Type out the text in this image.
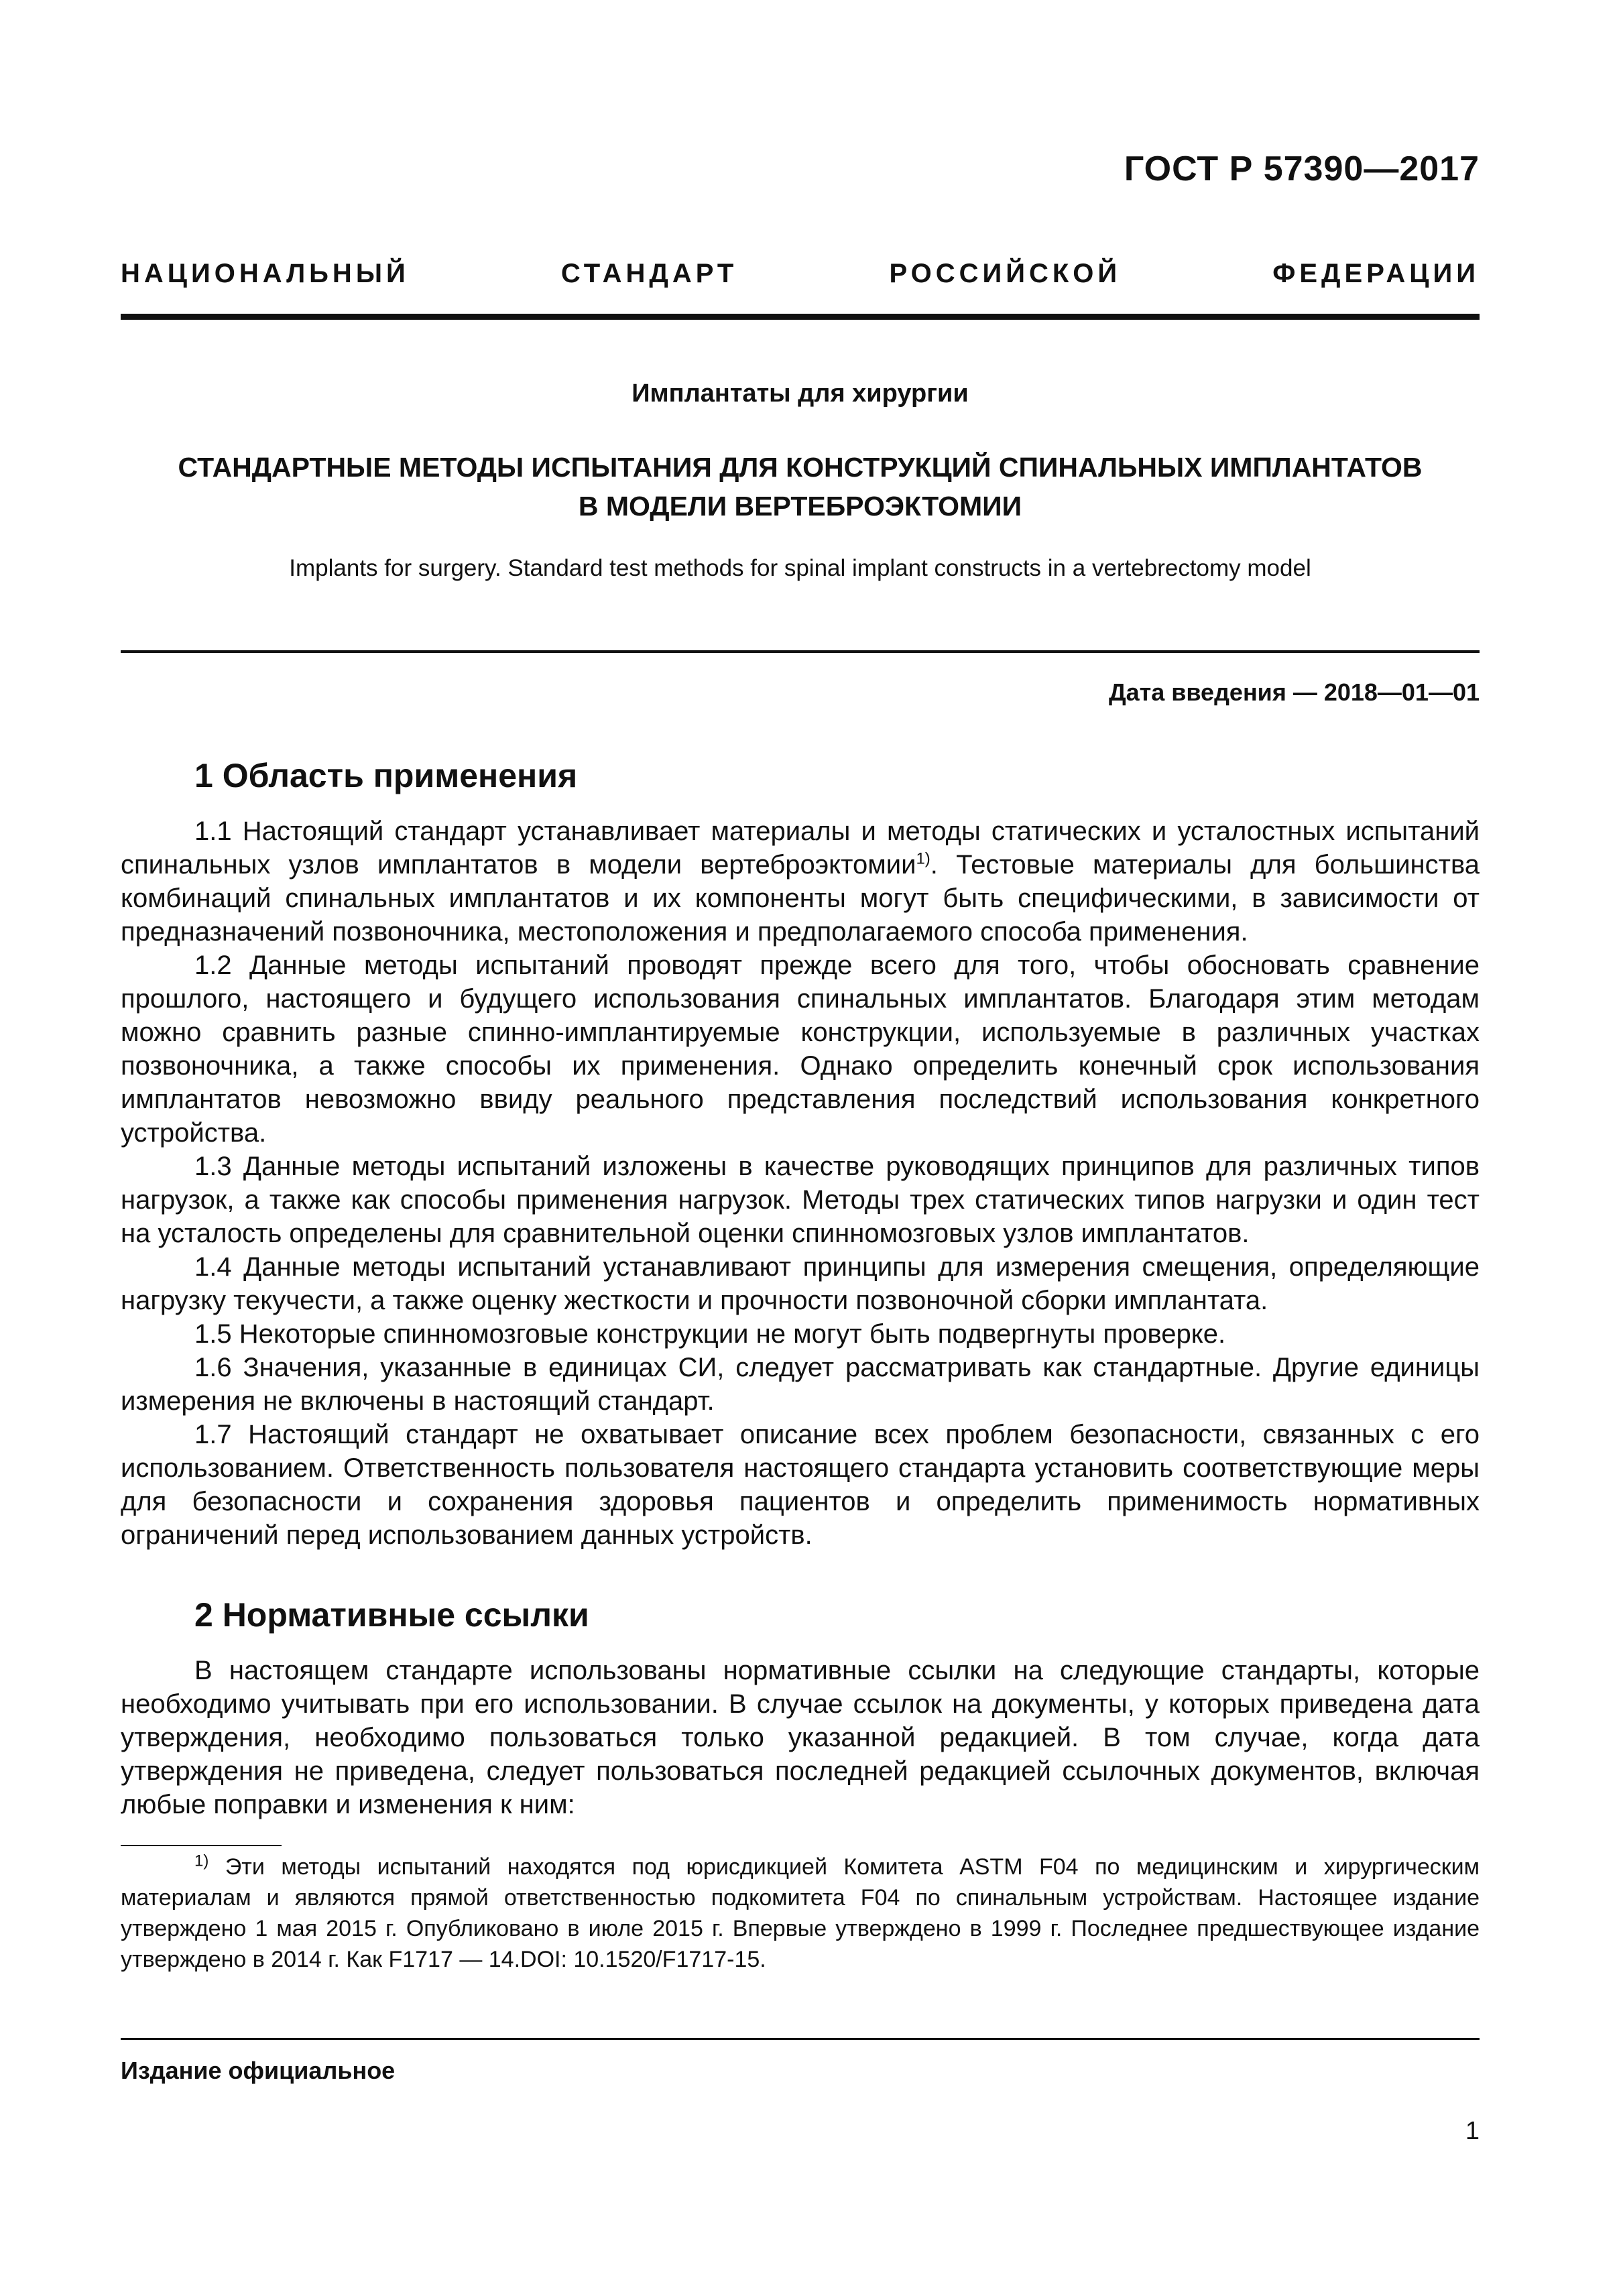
ГОСТ Р 57390—2017
НАЦИОНАЛЬНЫЙ СТАНДАРТ РОССИЙСКОЙ ФЕДЕРАЦИИ
Имплантаты для хирургии
СТАНДАРТНЫЕ МЕТОДЫ ИСПЫТАНИЯ ДЛЯ КОНСТРУКЦИЙ СПИНАЛЬНЫХ ИМПЛАНТАТОВ
В МОДЕЛИ ВЕРТЕБРОЭКТОМИИ
Implants for surgery. Standard test methods for spinal implant constructs in a vertebrectomy model
Дата введения — 2018—01—01
1 Область применения

1.1 Настоящий стандарт устанавливает материалы и методы статических и усталостных испытаний спинальных узлов имплантатов в модели вертеброэктомии$^{1)}$. Тестовые материалы для большинства комбинаций спинальных имплантатов и их компоненты могут быть специфическими, в зависимости от предназначений позвоночника, местоположения и предполагаемого способа применения.

1.2 Данные методы испытаний проводят прежде всего для того, чтобы обосновать сравнение прошлого, настоящего и будущего использования спинальных имплантатов. Благодаря этим методам можно сравнить разные спинно-имплантируемые конструкции, используемые в различных участках позвоночника, а также способы их применения. Однако определить конечный срок использования имплантатов невозможно ввиду реального представления последствий использования конкретного устройства.

1.3 Данные методы испытаний изложены в качестве руководящих принципов для различных типов нагрузок, а также как способы применения нагрузок. Методы трех статических типов нагрузки и один тест на усталость определены для сравнительной оценки спинномозговых узлов имплантатов.

1.4 Данные методы испытаний устанавливают принципы для измерения смещения, определяющие нагрузку текучести, а также оценку жесткости и прочности позвоночной сборки имплантата.

1.5 Некоторые спинномозговые конструкции не могут быть подвергнуты проверке.

1.6 Значения, указанные в единицах СИ, следует рассматривать как стандартные. Другие единицы измерения не включены в настоящий стандарт.

1.7 Настоящий стандарт не охватывает описание всех проблем безопасности, связанных с его использованием. Ответственность пользователя настоящего стандарта установить соответствующие меры для безопасности и сохранения здоровья пациентов и определить применимость нормативных ограничений перед использованием данных устройств.

2 Нормативные ссылки

В настоящем стандарте использованы нормативные ссылки на следующие стандарты, которые необходимо учитывать при его использовании. В случае ссылок на документы, у которых приведена дата утверждения, необходимо пользоваться только указанной редакцией. В том случае, когда дата утверждения не приведена, следует пользоваться последней редакцией ссылочных документов, включая любые поправки и изменения к ним:

$^{1)}$ Эти методы испытаний находятся под юрисдикцией Комитета ASTM F04 по медицинским и хирургическим материалам и являются прямой ответственностью подкомитета F04 по спинальным устройствам. Настоящее издание утверждено 1 мая 2015 г. Опубликовано в июле 2015 г. Впервые утверждено в 1999 г. Последнее предшествующее издание утверждено в 2014 г. Как F1717 — 14.DOI: 10.1520/F1717-15.
Издание официальное
1
